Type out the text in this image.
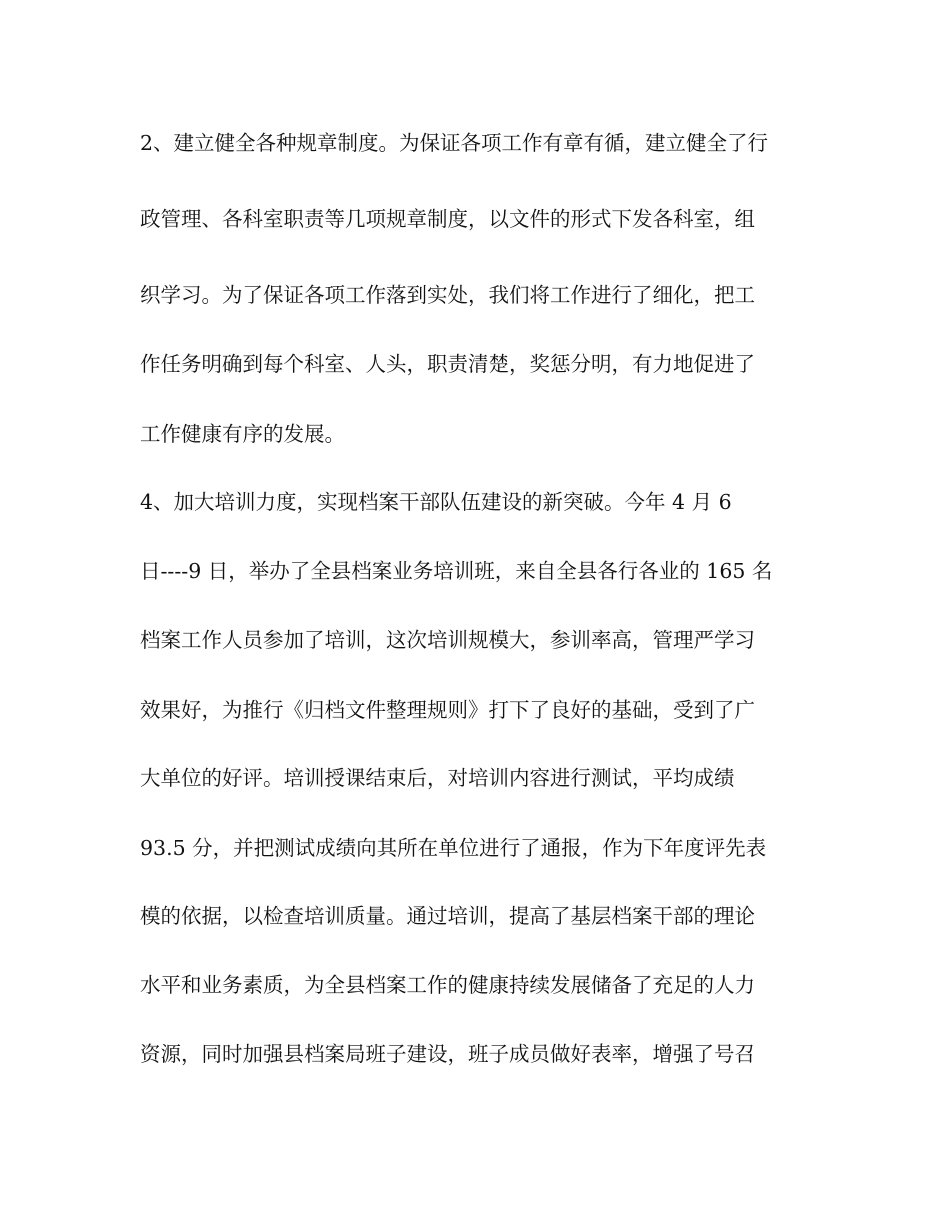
2、建立健全各种规章制度。为保证各项工作有章有循，建立健全了行

政管理、各科室职责等几项规章制度，以文件的形式下发各科室，组

织学习。为了保证各项工作落到实处，我们将工作进行了细化，把工

作任务明确到每个科室、人头，职责清楚，奖惩分明，有力地促进了

工作健康有序的发展。

4、加大培训力度，实现档案干部队伍建设的新突破。今年 4 月 6

日----9 日，举办了全县档案业务培训班，来自全县各行各业的 165 名

档案工作人员参加了培训，这次培训规模大，参训率高，管理严学习

效果好，为推行《归档文件整理规则》打下了良好的基础，受到了广

大单位的好评。培训授课结束后，对培训内容进行测试，平均成绩

93.5 分，并把测试成绩向其所在单位进行了通报，作为下年度评先表

模的依据，以检查培训质量。通过培训，提高了基层档案干部的理论

水平和业务素质，为全县档案工作的健康持续发展储备了充足的人力

资源，同时加强县档案局班子建设，班子成员做好表率，增强了号召
